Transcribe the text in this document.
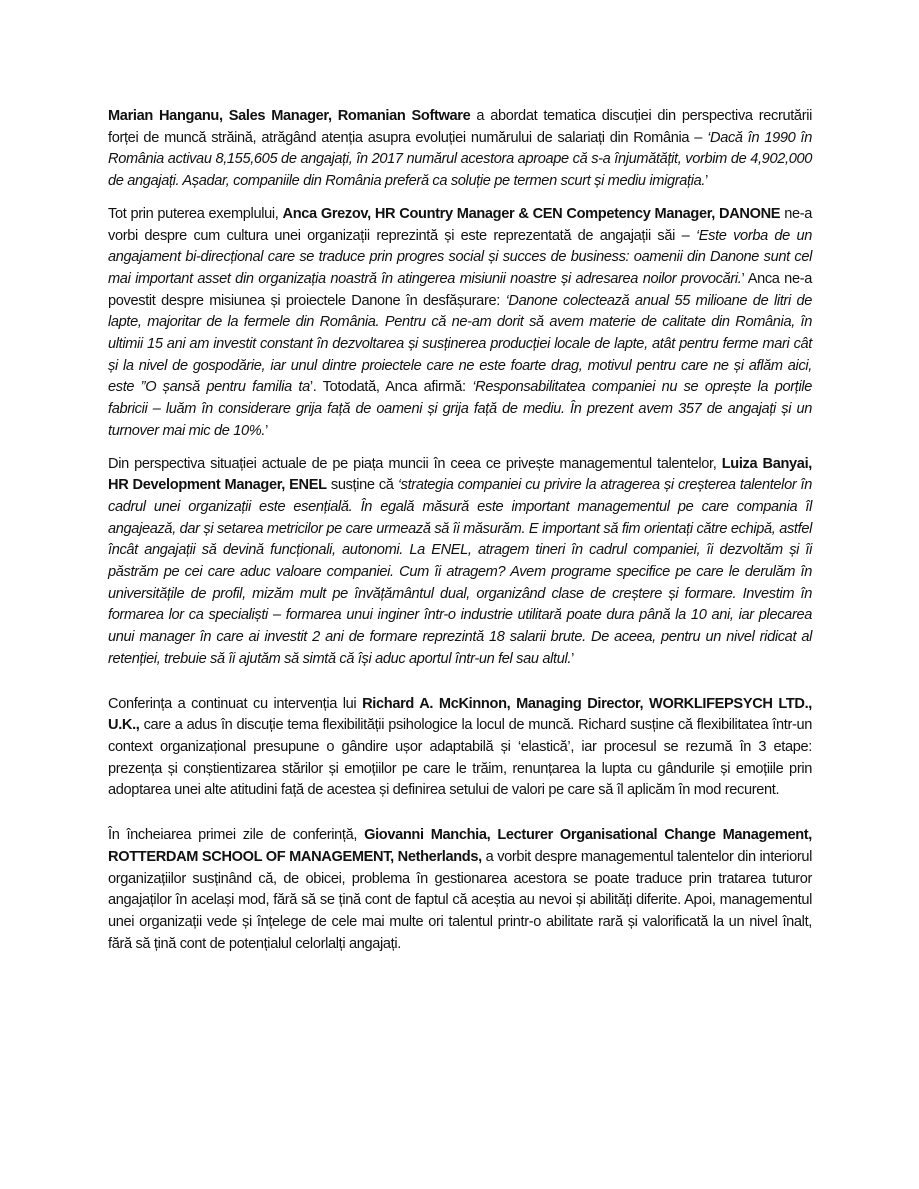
Marian Hanganu, Sales Manager, Romanian Software a abordat tematica discuției din perspectiva recrutării forței de muncă străină, atrăgând atenția asupra evoluției numărului de salariați din România – ‘Dacă în 1990 în România activau 8,155,605 de angajați, în 2017 numărul acestora aproape că s-a înjumătățit, vorbim de 4,902,000 de angajați. Așadar, companiile din România preferă ca soluție pe termen scurt și mediu imigrația.’

Tot prin puterea exemplului, Anca Grezov, HR Country Manager & CEN Competency Manager, DANONE ne-a vorbi despre cum cultura unei organizații reprezintă și este reprezentată de angajații săi – ‘Este vorba de un angajament bi-direcțional care se traduce prin progres social și succes de business: oamenii din Danone sunt cel mai important asset din organizația noastră în atingerea misiunii noastre și adresarea noilor provocări.’ Anca ne-a povestit despre misiunea și proiectele Danone în desfășurare: ‘Danone colectează anual 55 milioane de litri de lapte, majoritar de la fermele din România. Pentru că ne-am dorit să avem materie de calitate din România, în ultimii 15 ani am investit constant în dezvoltarea și susținerea producției locale de lapte, atât pentru ferme mari cât și la nivel de gospodărie, iar unul dintre proiectele care ne este foarte drag, motivul pentru care ne și aflăm aici, este ”O șansă pentru familia ta’. Totodată, Anca afirmă: ‘Responsabilitatea companiei nu se oprește la porțile fabricii – luăm în considerare grija față de oameni și grija față de mediu. În prezent avem 357 de angajați și un turnover mai mic de 10%.’

Din perspectiva situației actuale de pe piața muncii în ceea ce privește managementul talentelor, Luiza Banyai, HR Development Manager, ENEL susține că ‘strategia companiei cu privire la atragerea și creșterea talentelor în cadrul unei organizații este esențială. În egală măsură este important managementul pe care compania îl angajează, dar și setarea metricilor pe care urmează să îi măsurăm. E important să fim orientați către echipă, astfel încât angajații să devină funcționali, autonomi. La ENEL, atragem tineri în cadrul companiei, îi dezvoltăm și îi păstrăm pe cei care aduc valoare companiei. Cum îi atragem? Avem programe specifice pe care le derulăm în universitățile de profil, mizăm mult pe învățământul dual, organizând clase de creștere și formare. Investim în formarea lor ca specialiști – formarea unui inginer într-o industrie utilitară poate dura până la 10 ani, iar plecarea unui manager în care ai investit 2 ani de formare reprezintă 18 salarii brute. De aceea, pentru un nivel ridicat al retenției, trebuie să îi ajutăm să simtă că își aduc aportul într-un fel sau altul.’

Conferința a continuat cu intervenția lui Richard A. McKinnon, Managing Director, WORKLIFEPSYCH LTD., U.K., care a adus în discuție tema flexibilității psihologice la locul de muncă. Richard susține că flexibilitatea într-un context organizațional presupune o gândire ușor adaptabilă și ‘elastică’, iar procesul se rezumă în 3 etape: prezența și conștientizarea stărilor și emoțiilor pe care le trăim, renunțarea la lupta cu gândurile și emoțiile prin adoptarea unei alte atitudini față de acestea și definirea setului de valori pe care să îl aplicăm în mod recurent.

În încheiarea primei zile de conferință, Giovanni Manchia, Lecturer Organisational Change Management, ROTTERDAM SCHOOL OF MANAGEMENT, Netherlands, a vorbit despre managementul talentelor din interiorul organizațiilor susținând că, de obicei, problema în gestionarea acestora se poate traduce prin tratarea tuturor angajaților în același mod, fără să se țină cont de faptul că aceștia au nevoi și abilități diferite. Apoi, managementul unei organizații vede și înțelege de cele mai multe ori talentul printr-o abilitate rară și valorificată la un nivel înalt, fără să țină cont de potențialul celorlalți angajați.
